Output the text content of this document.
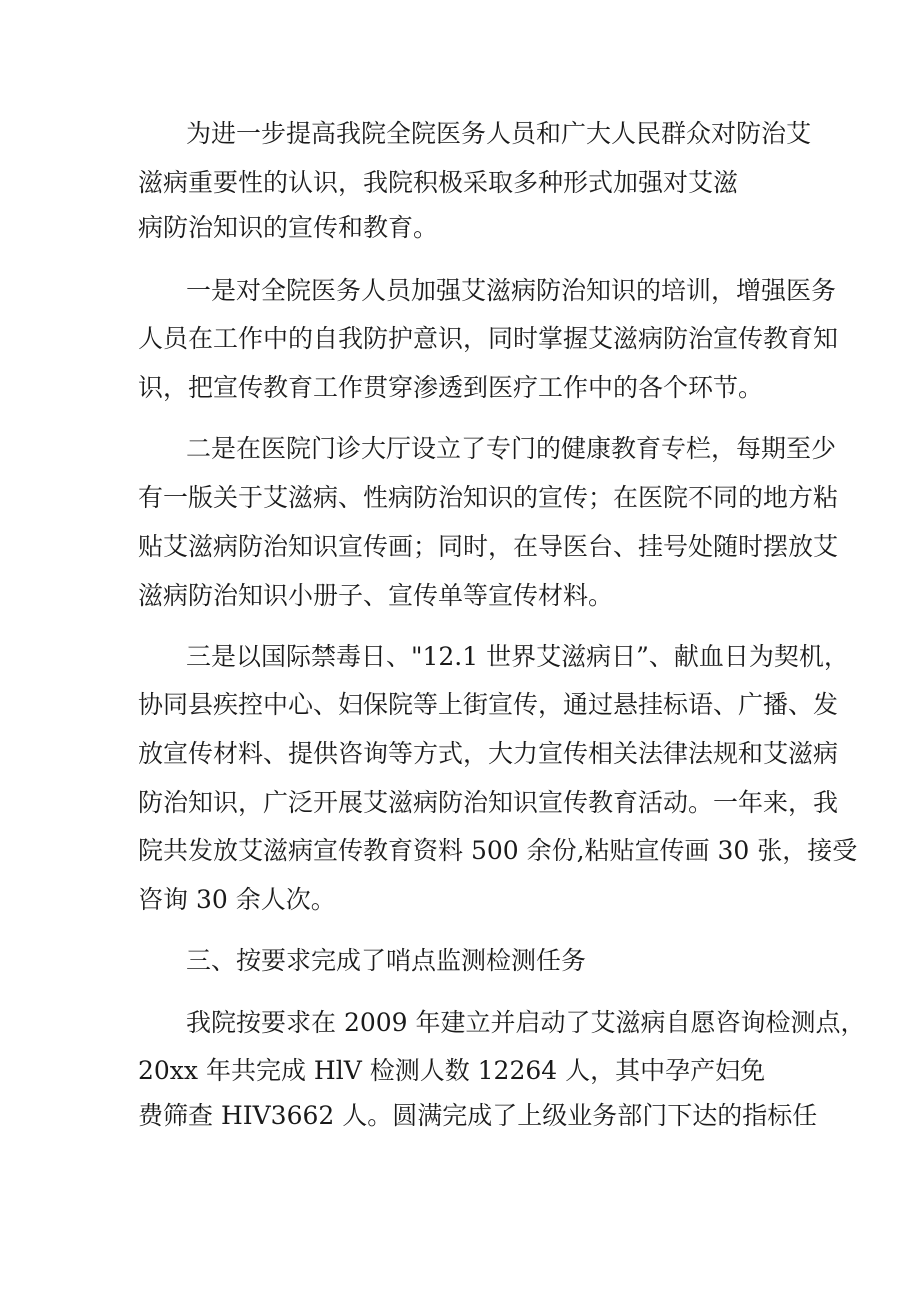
为进一步提高我院全院医务人员和广大人民群众对防治艾
滋病重要性的认识，我院积极采取多种形式加强对艾滋
病防治知识的宣传和教育。
一是对全院医务人员加强艾滋病防治知识的培训，增强医务
人员在工作中的自我防护意识，同时掌握艾滋病防治宣传教育知
识，把宣传教育工作贯穿渗透到医疗工作中的各个环节。
二是在医院门诊大厅设立了专门的健康教育专栏，每期至少
有一版关于艾滋病、性病防治知识的宣传；在医院不同的地方粘
贴艾滋病防治知识宣传画；同时，在导医台、挂号处随时摆放艾
滋病防治知识小册子、宣传单等宣传材料。
三是以国际禁毒日、"12.1 世界艾滋病日”、献血日为契机，
协同县疾控中心、妇保院等上街宣传，通过悬挂标语、广播、发
放宣传材料、提供咨询等方式，大力宣传相关法律法规和艾滋病
防治知识，广泛开展艾滋病防治知识宣传教育活动。一年来，我
院共发放艾滋病宣传教育资料 500 余份,粘贴宣传画 30 张，接受
咨询 30 余人次。
三、按要求完成了哨点监测检测任务
我院按要求在 2009 年建立并启动了艾滋病自愿咨询检测点，
20xx 年共完成 HlV 检测人数 12264 人，其中孕产妇免
费筛查 HIV3662 人。圆满完成了上级业务部门下达的指标任
